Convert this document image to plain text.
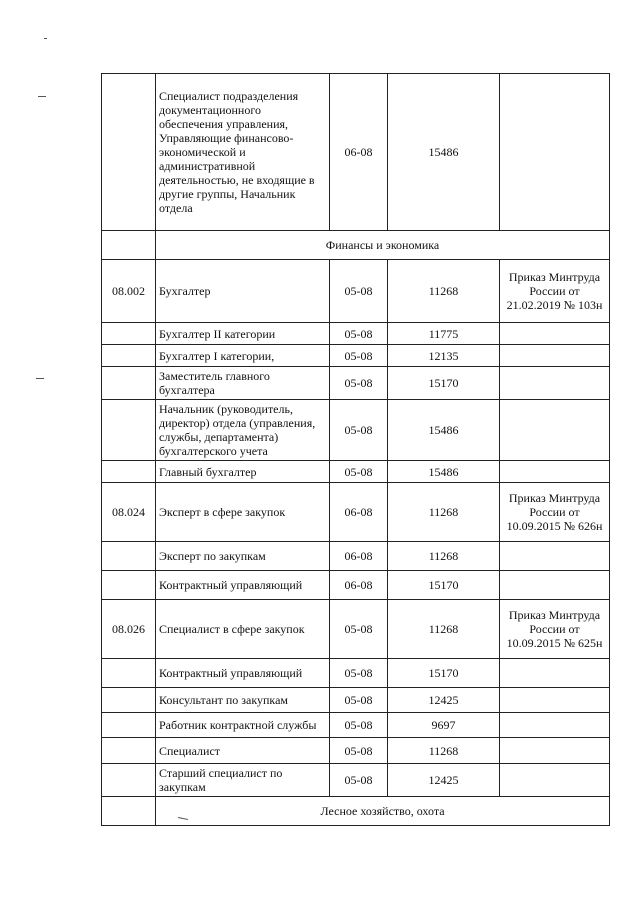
	Специалист подразделения документационного обеспечения управления, Управляющие финансово-экономической и административной деятельностью, не входящие в другие группы, Начальник отдела	06-08	15486	
	Финансы и экономика			
08.002	Бухгалтер	05-08	11268	Приказ Минтруда России от 21.02.2019 № 103н
	Бухгалтер II категории	05-08	11775	
	Бухгалтер I категории,	05-08	12135	
	Заместитель главного бухгалтера	05-08	15170	
	Начальник (руководитель, директор) отдела (управления, службы, департамента) бухгалтерского учета	05-08	15486	
	Главный бухгалтер	05-08	15486	
08.024	Эксперт в сфере закупок	06-08	11268	Приказ Минтруда России от 10.09.2015 № 626н
	Эксперт по закупкам	06-08	11268	
	Контрактный управляющий	06-08	15170	
08.026	Специалист в сфере закупок	05-08	11268	Приказ Минтруда России от 10.09.2015 № 625н
	Контрактный управляющий	05-08	15170	
	Консультант по закупкам	05-08	12425	
	Работник контрактной службы	05-08	9697	
	Специалист	05-08	11268	
	Старший специалист по закупкам	05-08	12425	
	Лесное хозяйство, охота			
